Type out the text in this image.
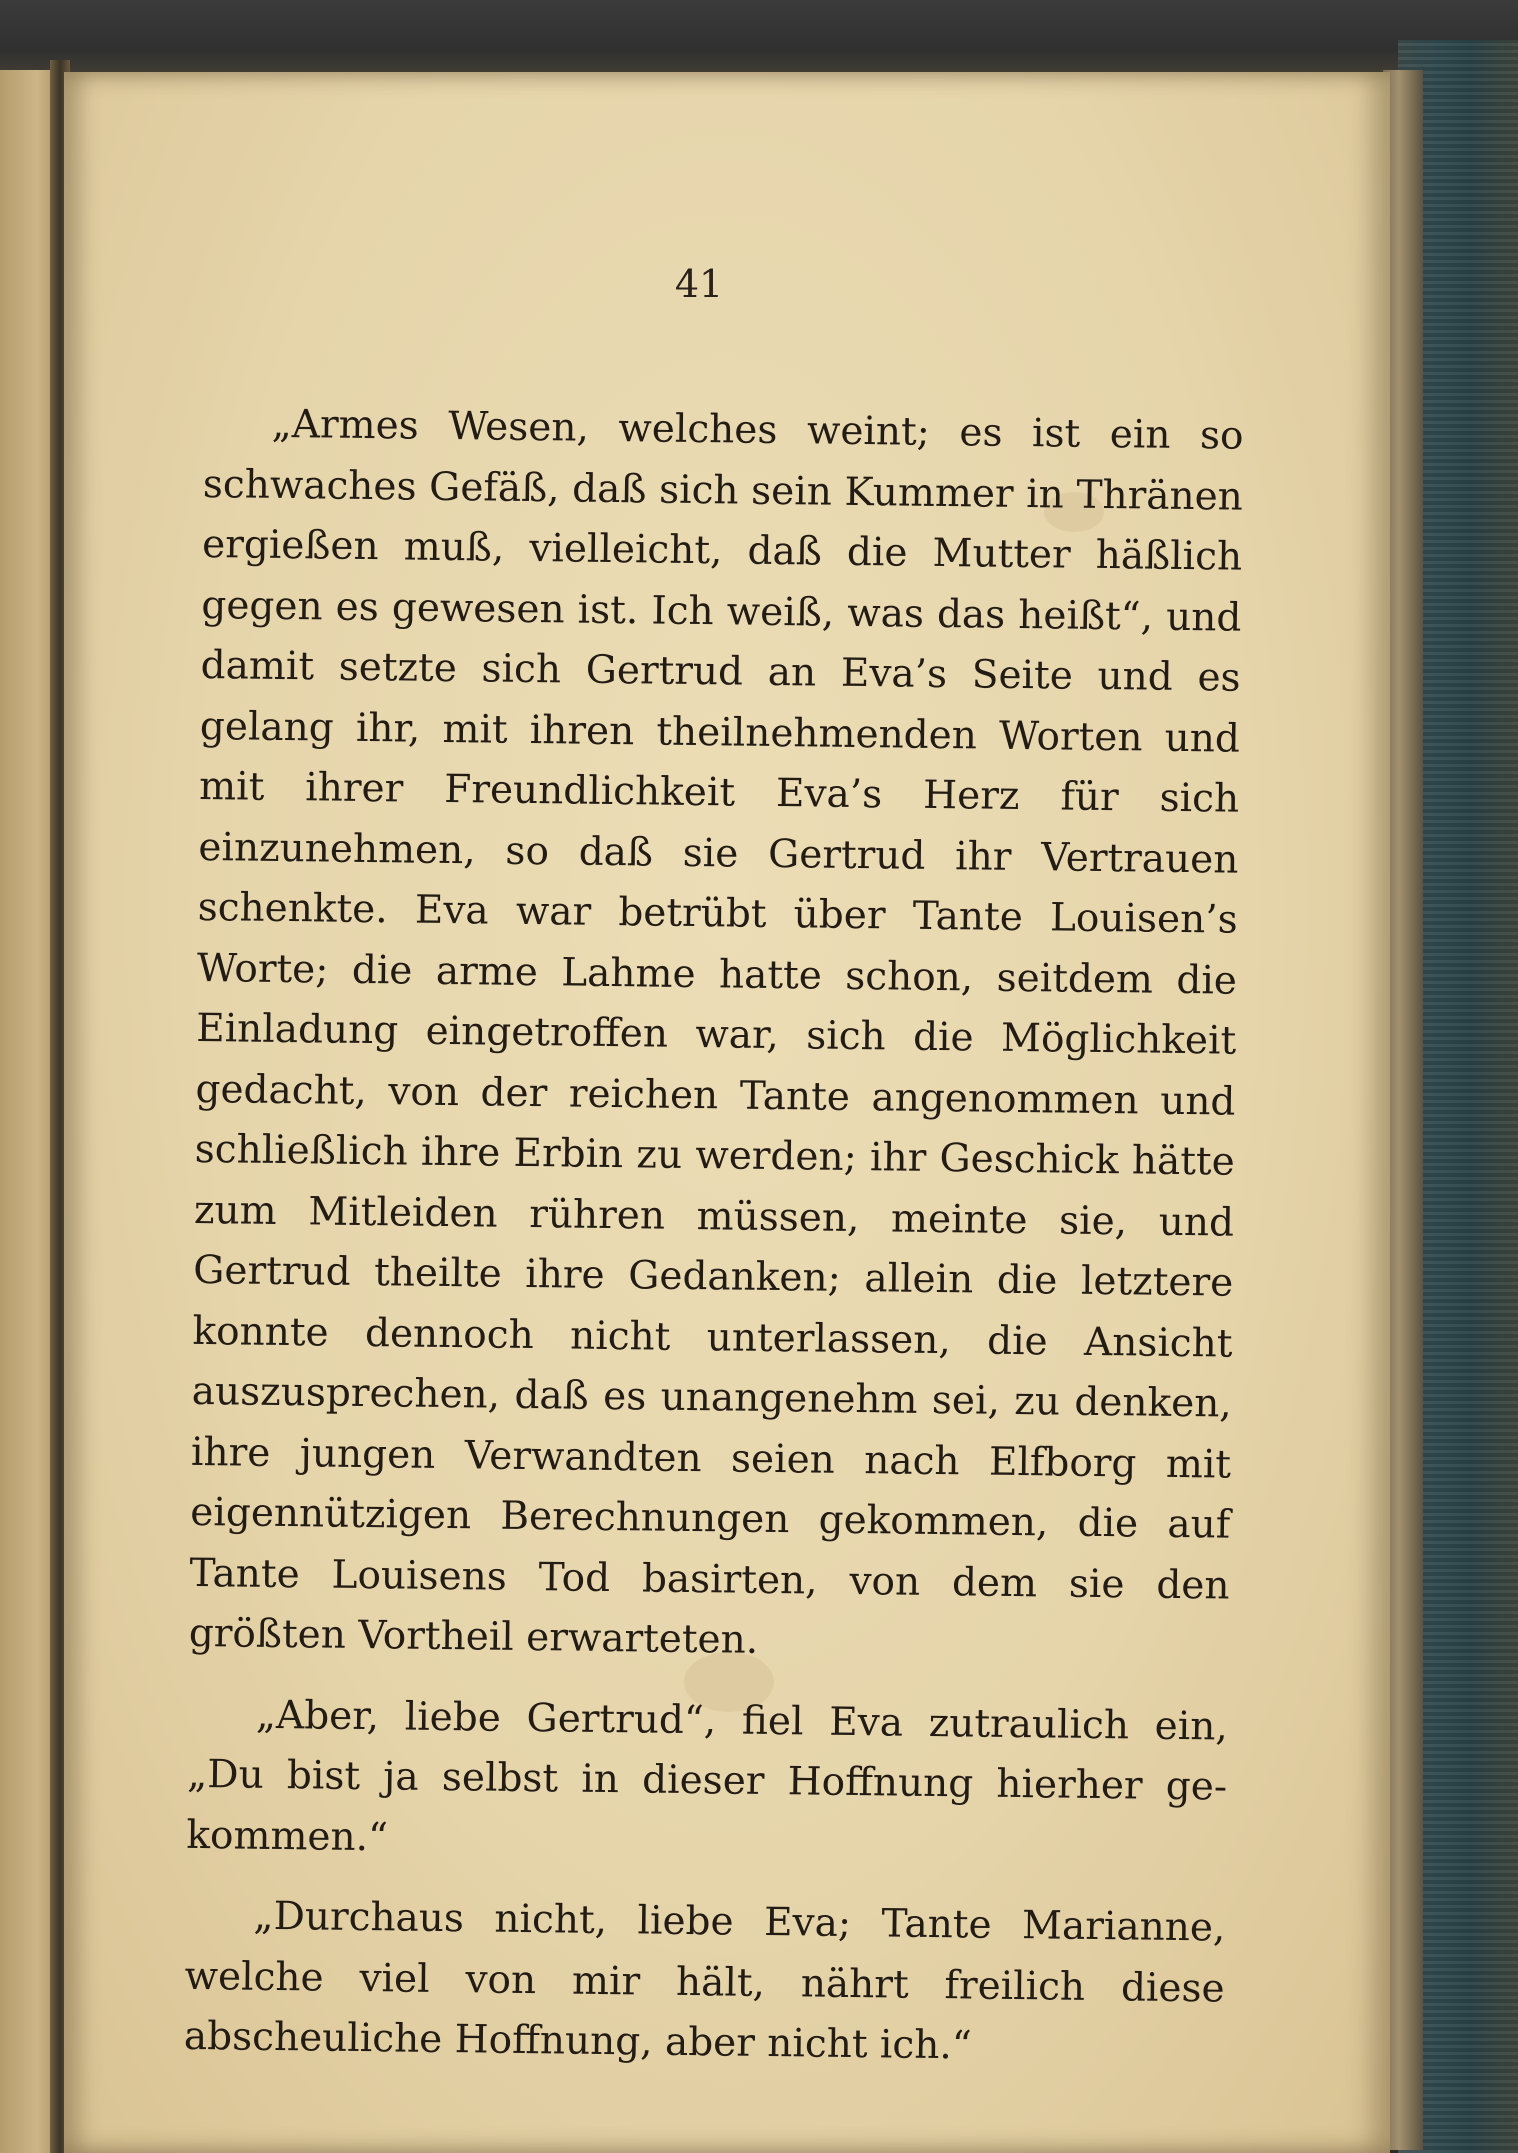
41

„Armes Wesen, welches weint; es ist ein so schwaches Gefäß, daß sich sein Kummer in Thränen ergießen muß, vielleicht, daß die Mutter häßlich gegen es gewesen ist. Ich weiß, was das heißt“, und damit setzte sich Gertrud an Eva’s Seite und es gelang ihr, mit ihren theilnehmenden Worten und mit ihrer Freundlichkeit Eva’s Herz für sich einzunehmen, so daß sie Gertrud ihr Vertrauen schenkte. Eva war betrübt über Tante Louisen’s Worte; die arme Lahme hatte schon, seitdem die Einladung eingetroffen war, sich die Möglichkeit gedacht, von der reichen Tante angenommen und schließlich ihre Erbin zu werden; ihr Geschick hätte zum Mitleiden rühren müssen, meinte sie, und Gertrud theilte ihre Gedanken; allein die letztere konnte dennoch nicht unterlassen, die Ansicht auszusprechen, daß es unangenehm sei, zu denken, ihre jungen Verwandten seien nach Elfborg mit eigennützigen Berechnungen gekommen, die auf Tante Louisens Tod basirten, von dem sie den größten Vortheil erwarteten.

„Aber, liebe Gertrud“, fiel Eva zutraulich ein, „Du bist ja selbst in dieser Hoffnung hierher gekommen.“

„Durchaus nicht, liebe Eva; Tante Marianne, welche viel von mir hält, nährt freilich diese abscheuliche Hoffnung, aber nicht ich.“
